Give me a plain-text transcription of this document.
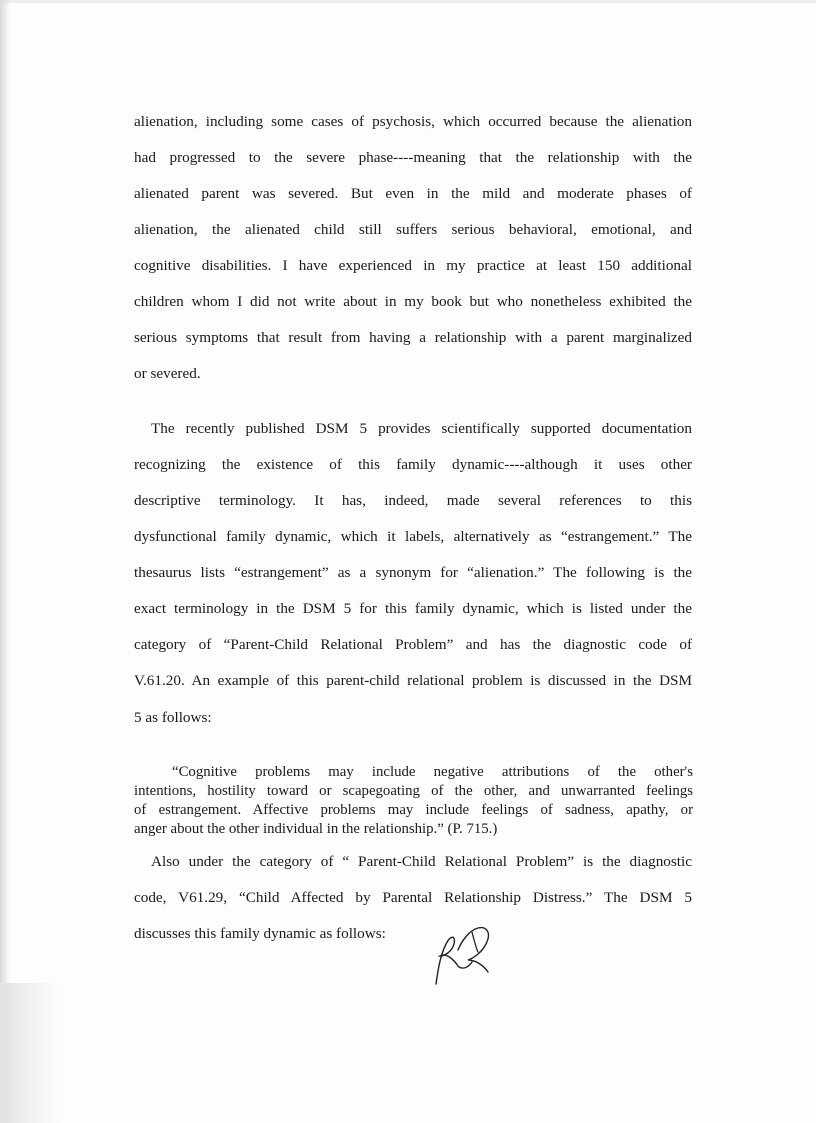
alienation, including some cases of psychosis, which occurred because the alienation
had progressed to the severe phase----meaning that the relationship with the
alienated parent was severed. But even in the mild and moderate phases of
alienation, the alienated child still suffers serious behavioral, emotional, and
cognitive disabilities. I have experienced in my practice at least 150 additional
children whom I did not write about in my book but who nonetheless exhibited the
serious symptoms that result from having a relationship with a parent marginalized
or severed.
The recently published DSM 5 provides scientifically supported documentation
recognizing the existence of this family dynamic----although it uses other
descriptive terminology. It has, indeed, made several references to this
dysfunctional family dynamic, which it labels, alternatively as “estrangement.” The
thesaurus lists “estrangement” as a synonym for “alienation.” The following is the
exact terminology in the DSM 5 for this family dynamic, which is listed under the
category of “Parent-Child Relational Problem” and has the diagnostic code of
V.61.20. An example of this parent-child relational problem is discussed in the DSM
5 as follows:
“Cognitive problems may include negative attributions of the other's
intentions, hostility toward or scapegoating of the other, and unwarranted feelings
of estrangement. Affective problems may include feelings of sadness, apathy, or
anger about the other individual in the relationship.” (P. 715.)
Also under the category of “ Parent-Child Relational Problem” is the diagnostic
code, V61.29, “Child Affected by Parental Relationship Distress.” The DSM 5
discusses this family dynamic as follows:
